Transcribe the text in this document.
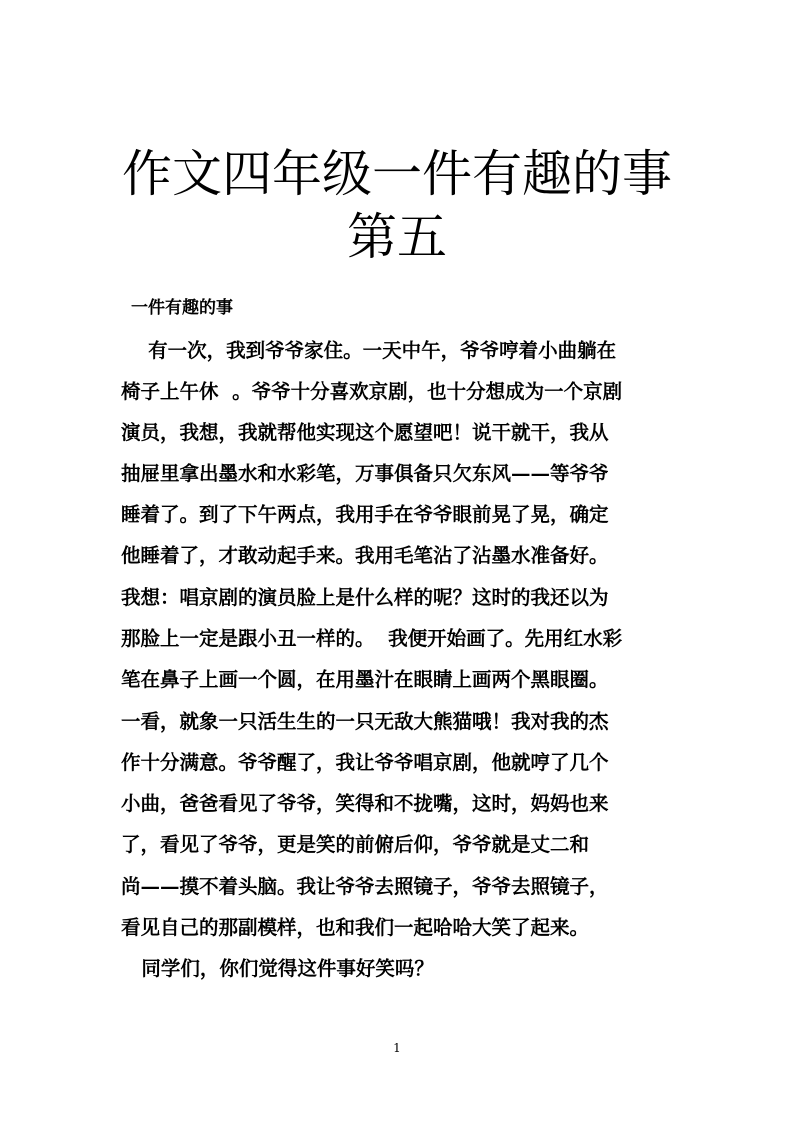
作文四年级一件有趣的事
第五
一件有趣的事
有一次，我到爷爷家住。一天中午，爷爷哼着小曲躺在
椅子上午休  。爷爷十分喜欢京剧，也十分想成为一个京剧
演员，我想，我就帮他实现这个愿望吧！说干就干，我从
抽屉里拿出墨水和水彩笔，万事俱备只欠东风——等爷爷
睡着了。到了下午两点，我用手在爷爷眼前晃了晃，确定
他睡着了，才敢动起手来。我用毛笔沾了沾墨水准备好。
我想：唱京剧的演员脸上是什么样的呢？这时的我还以为
那脸上一定是跟小丑一样的。  我便开始画了。先用红水彩
笔在鼻子上画一个圆，在用墨汁在眼睛上画两个黑眼圈。
一看，就象一只活生生的一只无敌大熊猫哦！我对我的杰
作十分满意。爷爷醒了，我让爷爷唱京剧，他就哼了几个
小曲，爸爸看见了爷爷，笑得和不拢嘴，这时，妈妈也来
了，看见了爷爷，更是笑的前俯后仰，爷爷就是丈二和
尚——摸不着头脑。我让爷爷去照镜子，爷爷去照镜子，
看见自己的那副模样，也和我们一起哈哈大笑了起来。
同学们，你们觉得这件事好笑吗？
1
